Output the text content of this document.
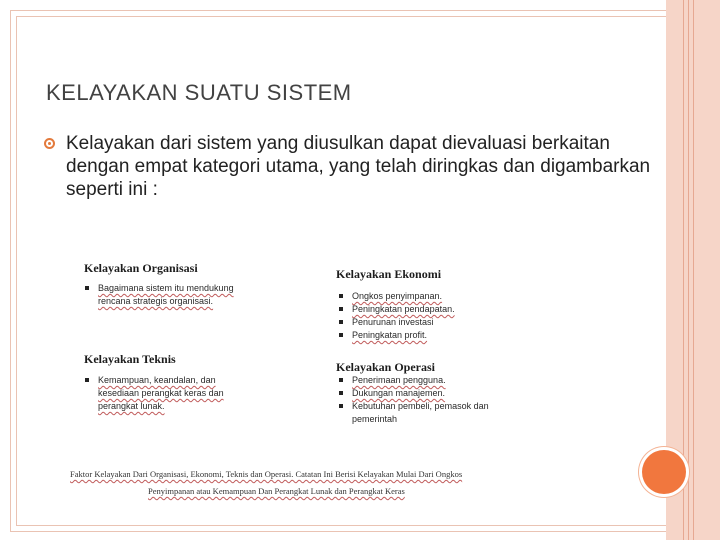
KELAYAKAN SUATU SISTEM

Kelayakan dari sistem yang diusulkan dapat dievaluasi berkaitan dengan empat kategori utama, yang telah diringkas dan digambarkan seperti ini :

Kelayakan Organisasi
Bagaimana sistem itu mendukung rencana strategis organisasi.
Kelayakan Ekonomi
Ongkos penyimpanan.
Peningkatan pendapatan.
Penurunan investasi
Peningkatan profit.
Kelayakan Teknis
Kemampuan, keandalan, dan kesediaan perangkat keras dan perangkat lunak.
Kelayakan Operasi
Penerimaan pengguna.
Dukungan manajemen.
Kebutuhan pembeli, pemasok dan pemerintah
Faktor Kelayakan Dari Organisasi, Ekonomi, Teknis dan Operasi. Catatan Ini Berisi Kelayakan Mulai Dari Ongkos
Penyimpanan atau Kemampuan Dan Perangkat Lunak dan Perangkat Keras
